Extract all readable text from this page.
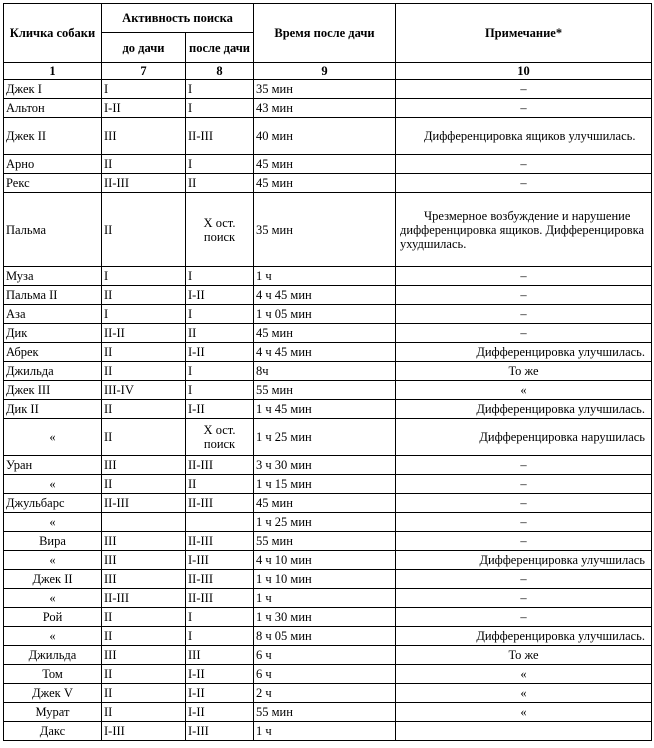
Кличка собаки	Активность поиска		Время после дачи	Примечание*
	до дачи	после дачи		
1	7	8	9	10
Джек I	I	I	35 мин	–
Альтон	I-II	I	43 мин	–
Джек II	III	II-III	40 мин	Дифференцировка ящиков улучшилась.
Арно	II	I	45 мин	–
Рекс	II-III	II	45 мин	–
Пальма	II	X ост. поиск	35 мин	Чрезмерное возбуждение и нарушение дифференцировка ящиков. Дифференцировка ухудшилась.
Муза	I	I	1 ч	–
Пальма II	II	I-II	4 ч 45 мин	–
Аза	I	I	1 ч 05 мин	–
Дик	II-II	II	45 мин	–
Абрек	II	I-II	4 ч 45 мин	Дифференцировка улучшилась.
Джильда	II	I	8ч	То же
Джек III	III-IV	I	55 мин	«
Дик II	II	I-II	1 ч 45 мин	Дифференцировка улучшилась.
«	II	X ост. поиск	1 ч 25 мин	Дифференцировка нарушилась
Уран	III	II-III	3 ч 30 мин	–
«	II	II	1 ч 15 мин	–
Джульбарс	II-III	II-III	45 мин	–
«			1 ч 25 мин	–
Вира	III	II-III	55 мин	–
«	III	I-III	4 ч 10 мин	Дифференцировка улучшилась
Джек II	III	II-III	1 ч 10 мин	–
«	II-III	II-III	1 ч	–
Рой	II	I	1 ч 30 мин	–
«	II	I	8 ч 05 мин	Дифференцировка улучшилась.
Джильда	III	III	6 ч	То же
Том	II	I-II	6 ч	«
Джек V	II	I-II	2 ч	«
Мурат	II	I-II	55 мин	«
Дакс	I-III	I-III	1 ч	
